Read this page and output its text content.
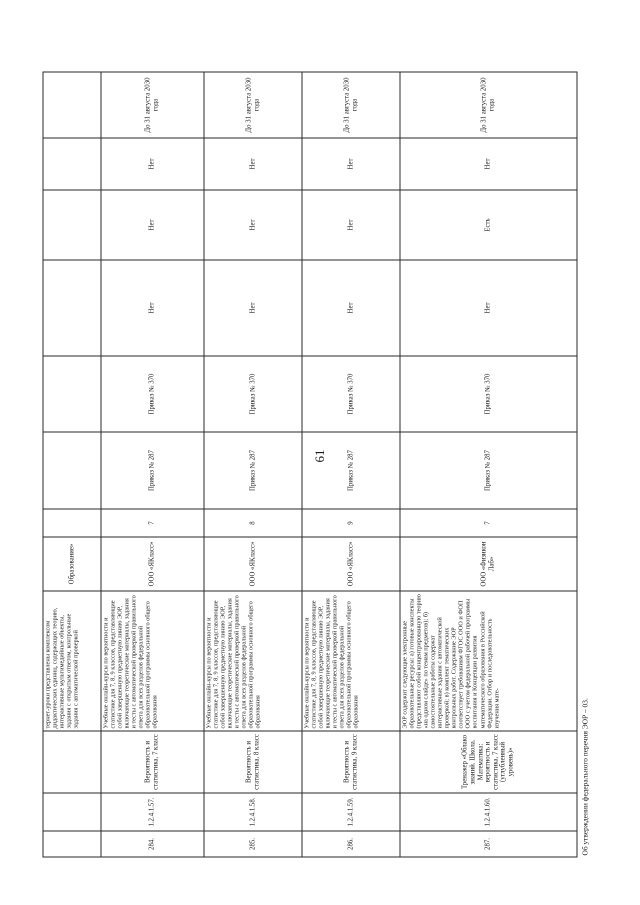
61
			тернет-уроки представлены комплексом дидактических единиц, содержащих теорию, интерактивные мультимедийные объекты, задания с открытым ответом, контрольные задания с автоматической проверкой	Образование»							
284.	1.2.4.1.57.	Вероятность и статистика, 7 класс	Учебные онлайн-курсы по вероятности и статистике для 7, 8, 9 классов, представляющие собой завершенную предметную линию ЭОР, включающие теоретические материалы, задания и тесты с автоматической проверкой правильного ответа для всех разделов федеральной образовательной программы основного общего образования	ООО «ЯКласс»	7	Приказ № 287	Приказ № 370	Нет	Нет	Нет	До 31 августа 2030 года
285.	1.2.4.1.58.	Вероятность и статистика, 8 класс	Учебные онлайн-курсы по вероятности и статистике для 7, 8, 9 классов, представляющие собой завершенную предметную линию ЭОР, включающие теоретические материалы, задания и тесты с автоматической проверкой правильного ответа для всех разделов федеральной образовательной программы основного общего образования	ООО «ЯКласс»	8	Приказ № 287	Приказ № 370	Нет	Нет	Нет	До 31 августа 2030 года
286.	1.2.4.1.59.	Вероятность и статистика, 9 класс	Учебные онлайн-курсы по вероятности и статистике для 7, 8, 9 классов, представляющие собой завершенную предметную линию ЭОР, включающие теоретические материалы, задания и тесты с автоматической проверкой правильного ответа для всех разделов федеральной образовательной программы основного общего образования	ООО «ЯКласс»	9	Приказ № 287	Приказ № 370	Нет	Нет	Нет	До 31 августа 2030 года
287.	1.2.4.1.60.	Тренажер «Облако знаний. Школа. Математика: вероятность и статистика, 7 класс (углубленный уровень)»	ЭОР содержит следующие электронные образовательные ресурсы: а) готовые конспекты (представляют собой концентрированную теорию «на одном слайде» по темам предметов); б) самостоятельные работы содержат интерактивные задания с автоматической проверкой; в) комплект тематических контрольных работ. Содержание ЭОР соответствует требованиям ФГОС ООО и ФОП ООО с учетом федеральной рабочей программы воспитания и Концепции развития математического образования в Российской Федерации. Отбор и последовательность изучения мате-	ООО «Физикон Лаб»	7	Приказ № 287	Приказ № 370	Нет	Есть	Нет	До 31 августа 2030 года
Об утверждении федерального перечня ЭОР – 03.
